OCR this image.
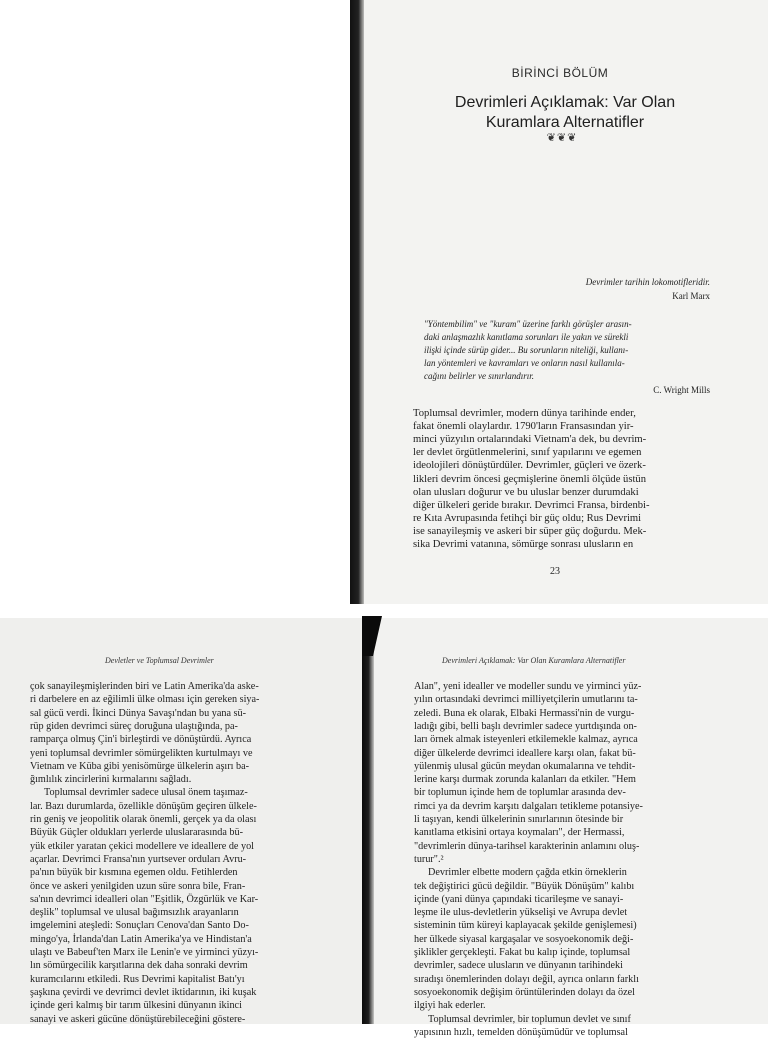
BİRİNCİ BÖLÜM
Devrimleri Açıklamak: Var Olan
Kuramlara Alternatifler
❦❦❦
Devrimler tarihin lokomotifleridir.
Karl Marx
"Yöntembilim" ve "kuram" üzerine farklı görüşler arasın-
daki anlaşmazlık kanıtlama sorunları ile yakın ve sürekli
ilişki içinde sürüp gider... Bu sorunların niteliği, kullanı-
lan yöntemleri ve kavramları ve onların nasıl kullanıla-
cağını belirler ve sınırlandırır.
C. Wright Mills
Toplumsal devrimler, modern dünya tarihinde ender,
fakat önemli olaylardır. 1790'ların Fransasından yir-
minci yüzyılın ortalarındaki Vietnam'a dek, bu devrim-
ler devlet örgütlenmelerini, sınıf yapılarını ve egemen
ideolojileri dönüştürdüler. Devrimler, güçleri ve özerk-
likleri devrim öncesi geçmişlerine önemli ölçüde üstün
olan ulusları doğurur ve bu uluslar benzer durumdaki
diğer ülkeleri geride bırakır. Devrimci Fransa, birdenbi-
re Kıta Avrupasında fetihçi bir güç oldu; Rus Devrimi
ise sanayileşmiş ve askeri bir süper güç doğurdu. Mek-
sika Devrimi vatanına, sömürge sonrası ulusların en
23
Devletler ve Toplumsal Devrimler	Devrimleri Açıklamak: Var Olan Kuramlara Alternatifler
çok sanayileşmişlerinden biri ve Latin Amerika'da aske-
ri darbelere en az eğilimli ülke olması için gereken siya-
sal gücü verdi. İkinci Dünya Savaşı'ndan bu yana sü-
rüp giden devrimci süreç doruğuna ulaştığında, pa-
ramparça olmuş Çin'i birleştirdi ve dönüştürdü. Ayrıca
yeni toplumsal devrimler sömürgelikten kurtulmayı ve
Vietnam ve Küba gibi yenisömürge ülkelerin aşırı ba-
ğımlılık zincirlerini kırmalarını sağladı.
Toplumsal devrimler sadece ulusal önem taşımaz-
lar. Bazı durumlarda, özellikle dönüşüm geçiren ülkele-
rin geniş ve jeopolitik olarak önemli, gerçek ya da olası
Büyük Güçler oldukları yerlerde uluslararasında bü-
yük etkiler yaratan çekici modellere ve ideallere de yol
açarlar. Devrimci Fransa'nın yurtsever orduları Avru-
pa'nın büyük bir kısmına egemen oldu. Fetihlerden
önce ve askeri yenilgiden uzun süre sonra bile, Fran-
sa'nın devrimci idealleri olan "Eşitlik, Özgürlük ve Kar-
deşlik" toplumsal ve ulusal bağımsızlık arayanların
imgelemini ateşledi: Sonuçları Cenova'dan Santo Do-
mingo'ya, İrlanda'dan Latin Amerika'ya ve Hindistan'a
ulaştı ve Babeuf'ten Marx ile Lenin'e ve yirminci yüzyı-
lın sömürgecilik karşıtlarına dek daha sonraki devrim
kuramcılarını etkiledi. Rus Devrimi kapitalist Batı'yı
şaşkına çevirdi ve devrimci devlet iktidarının, iki kuşak
içinde geri kalmış bir tarım ülkesini dünyanın ikinci
sanayi ve askeri gücüne dönüştürebileceğini göstere-
Alan", yeni idealler ve modeller sundu ve yirminci yüz-
yılın ortasındaki devrimci milliyetçilerin umutlarını ta-
zeledi. Buna ek olarak, Elbaki Hermassi'nin de vurgu-
ladığı gibi, belli başlı devrimler sadece yurtdışında on-
ları örnek almak isteyenleri etkilemekle kalmaz, ayrıca
diğer ülkelerde devrimci ideallere karşı olan, fakat bü-
yülenmiş ulusal gücün meydan okumalarına ve tehdit-
lerine karşı durmak zorunda kalanları da etkiler. "Hem
bir toplumun içinde hem de toplumlar arasında dev-
rimci ya da devrim karşıtı dalgaları tetikleme potansiye-
li taşıyan, kendi ülkelerinin sınırlarının ötesinde bir
kanıtlama etkisini ortaya koymaları", der Hermassi,
"devrimlerin dünya-tarihsel karakterinin anlamını oluş-
turur".²
Devrimler elbette modern çağda etkin örneklerin
tek değiştirici gücü değildir. "Büyük Dönüşüm" kalıbı
içinde (yani dünya çapındaki ticarileşme ve sanayi-
leşme ile ulus-devletlerin yükselişi ve Avrupa devlet
sisteminin tüm küreyi kaplayacak şekilde genişlemesi)
her ülkede siyasal kargaşalar ve sosyoekonomik deği-
şiklikler gerçekleşti. Fakat bu kalıp içinde, toplumsal
devrimler, sadece ulusların ve dünyanın tarihindeki
sıradışı önemlerinden dolayı değil, ayrıca onların farklı
sosyoekonomik değişim örüntülerinden dolayı da özel
ilgiyi hak ederler.
Toplumsal devrimler, bir toplumun devlet ve sınıf
yapısının hızlı, temelden dönüşümüdür ve toplumsal
